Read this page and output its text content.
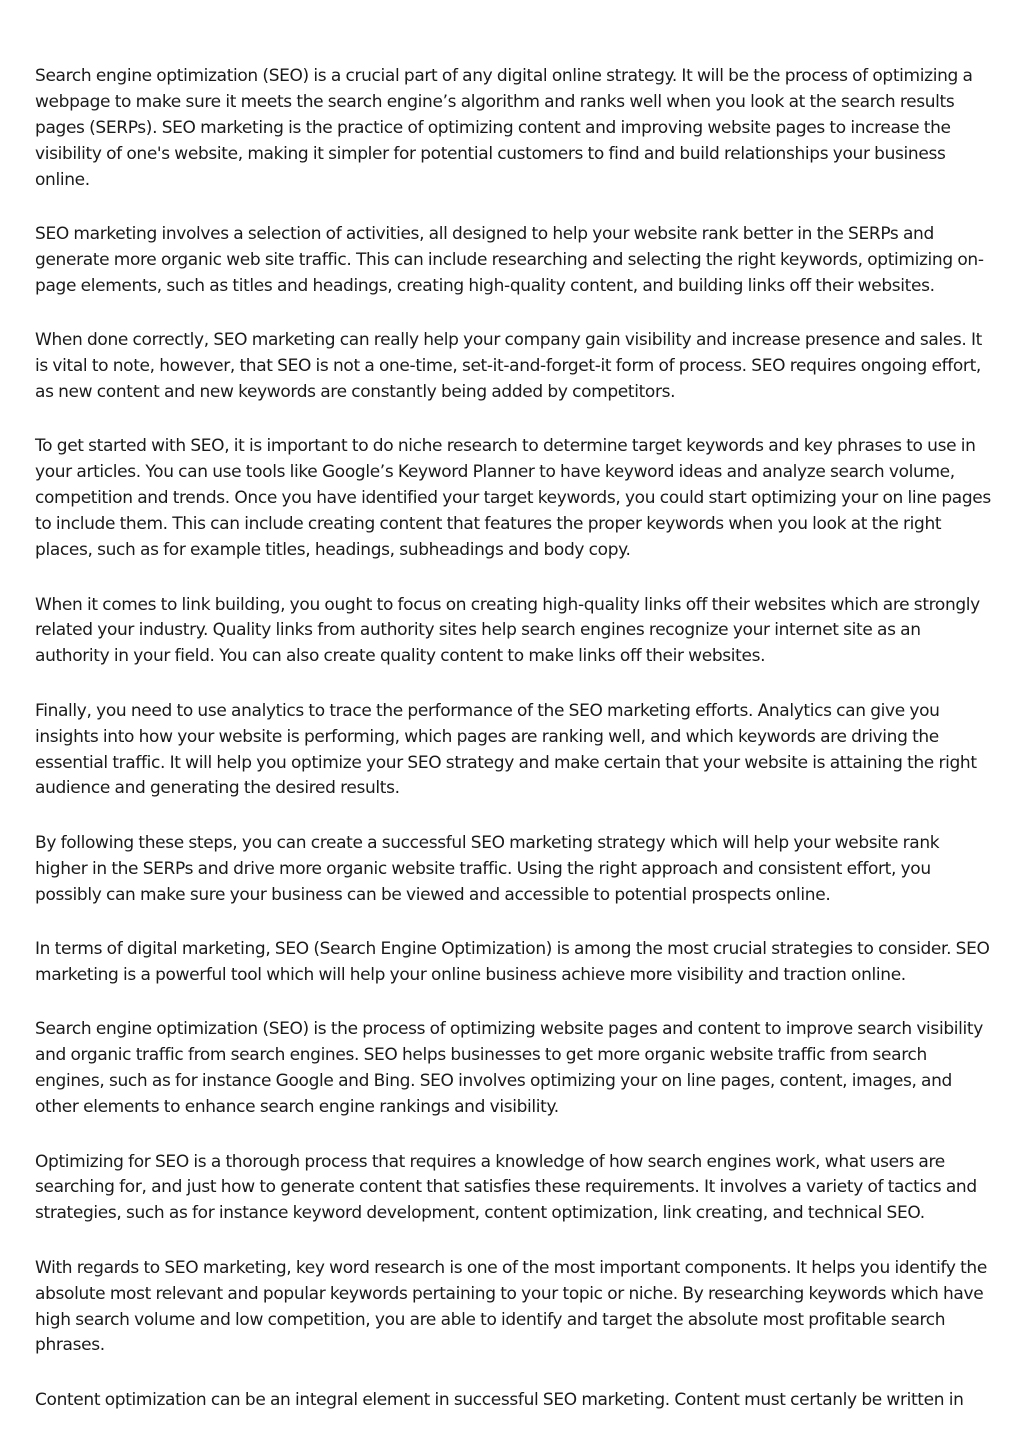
Search engine optimization (SEO) is a crucial part of any digital online strategy. It will be the process of optimizing a webpage to make sure it meets the search engine’s algorithm and ranks well when you look at the search results pages (SERPs). SEO marketing is the practice of optimizing content and improving website pages to increase the visibility of one's website, making it simpler for potential customers to find and build relationships your business online.

SEO marketing involves a selection of activities, all designed to help your website rank better in the SERPs and generate more organic web site traffic. This can include researching and selecting the right keywords, optimizing on-page elements, such as titles and headings, creating high-quality content, and building links off their websites.

When done correctly, SEO marketing can really help your company gain visibility and increase presence and sales. It is vital to note, however, that SEO is not a one-time, set-it-and-forget-it form of process. SEO requires ongoing effort, as new content and new keywords are constantly being added by competitors.

To get started with SEO, it is important to do niche research to determine target keywords and key phrases to use in your articles. You can use tools like Google’s Keyword Planner to have keyword ideas and analyze search volume, competition and trends. Once you have identified your target keywords, you could start optimizing your on line pages to include them. This can include creating content that features the proper keywords when you look at the right places, such as for example titles, headings, subheadings and body copy.

When it comes to link building, you ought to focus on creating high-quality links off their websites which are strongly related your industry. Quality links from authority sites help search engines recognize your internet site as an authority in your field. You can also create quality content to make links off their websites.

Finally, you need to use analytics to trace the performance of the SEO marketing efforts. Analytics can give you insights into how your website is performing, which pages are ranking well, and which keywords are driving the essential traffic. It will help you optimize your SEO strategy and make certain that your website is attaining the right audience and generating the desired results.

By following these steps, you can create a successful SEO marketing strategy which will help your website rank higher in the SERPs and drive more organic website traffic. Using the right approach and consistent effort, you possibly can make sure your business can be viewed and accessible to potential prospects online.

In terms of digital marketing, SEO (Search Engine Optimization) is among the most crucial strategies to consider. SEO marketing is a powerful tool which will help your online business achieve more visibility and traction online.

Search engine optimization (SEO) is the process of optimizing website pages and content to improve search visibility and organic traffic from search engines. SEO helps businesses to get more organic website traffic from search engines, such as for instance Google and Bing. SEO involves optimizing your on line pages, content, images, and other elements to enhance search engine rankings and visibility.

Optimizing for SEO is a thorough process that requires a knowledge of how search engines work, what users are searching for, and just how to generate content that satisfies these requirements. It involves a variety of tactics and strategies, such as for instance keyword development, content optimization, link creating, and technical SEO.

With regards to SEO marketing, key word research is one of the most important components. It helps you identify the absolute most relevant and popular keywords pertaining to your topic or niche. By researching keywords which have high search volume and low competition, you are able to identify and target the absolute most profitable search phrases.

Content optimization can be an integral element in successful SEO marketing. Content must certanly be written in
